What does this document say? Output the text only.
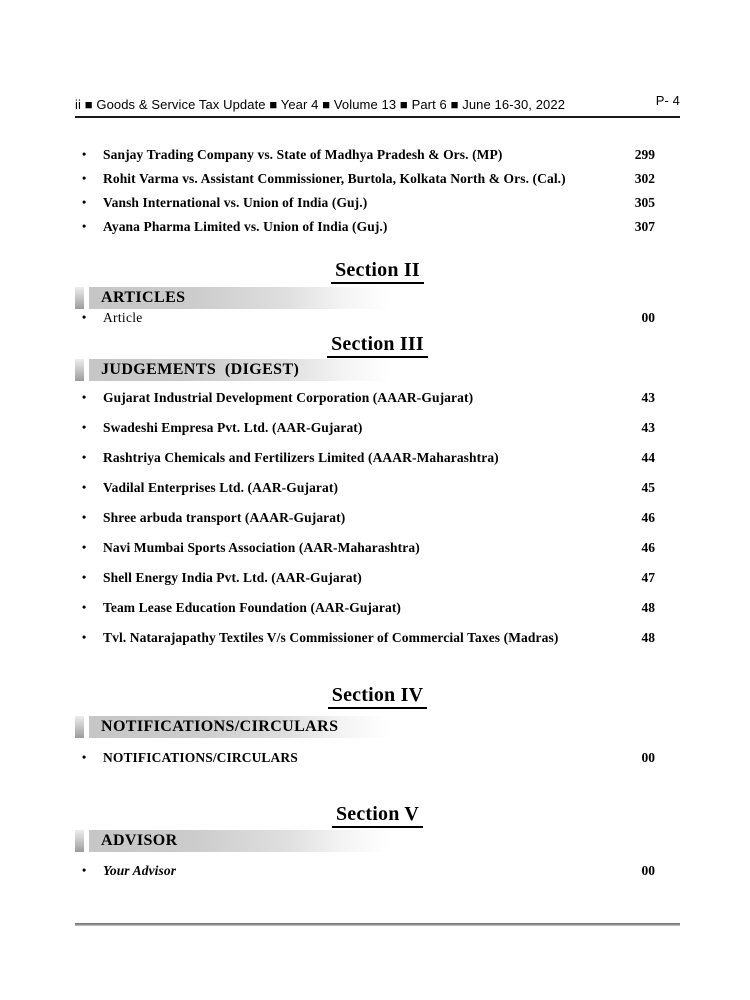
ii ■ Goods & Service Tax Update ■ Year 4 ■ Volume 13 ■ Part 6 ■ June 16-30, 2022	P- 4
•	Sanjay Trading Company vs. State of Madhya Pradesh & Ors. (MP)	299
•	Rohit Varma vs. Assistant Commissioner, Burtola, Kolkata North & Ors. (Cal.)	302
•	Vansh International vs. Union of India (Guj.)	305
•	Ayana Pharma Limited vs. Union of India (Guj.)	307
Section II
ARTICLES
•	Article	00
Section III
JUDGEMENTS  (DIGEST)
•	Gujarat Industrial Development Corporation (AAAR-Gujarat)	43
•	Swadeshi Empresa Pvt. Ltd. (AAR-Gujarat)	43
•	Rashtriya Chemicals and Fertilizers Limited (AAAR-Maharashtra)	44
•	Vadilal Enterprises Ltd. (AAR-Gujarat)	45
•	Shree arbuda transport (AAAR-Gujarat)	46
•	Navi Mumbai Sports Association (AAR-Maharashtra)	46
•	Shell Energy India Pvt. Ltd. (AAR-Gujarat)	47
•	Team Lease Education Foundation (AAR-Gujarat)	48
•	Tvl. Natarajapathy Textiles V/s Commissioner of Commercial Taxes (Madras)	48
Section IV
NOTIFICATIONS/CIRCULARS
•	NOTIFICATIONS/CIRCULARS	00
Section V
ADVISOR
•	Your Advisor	00
